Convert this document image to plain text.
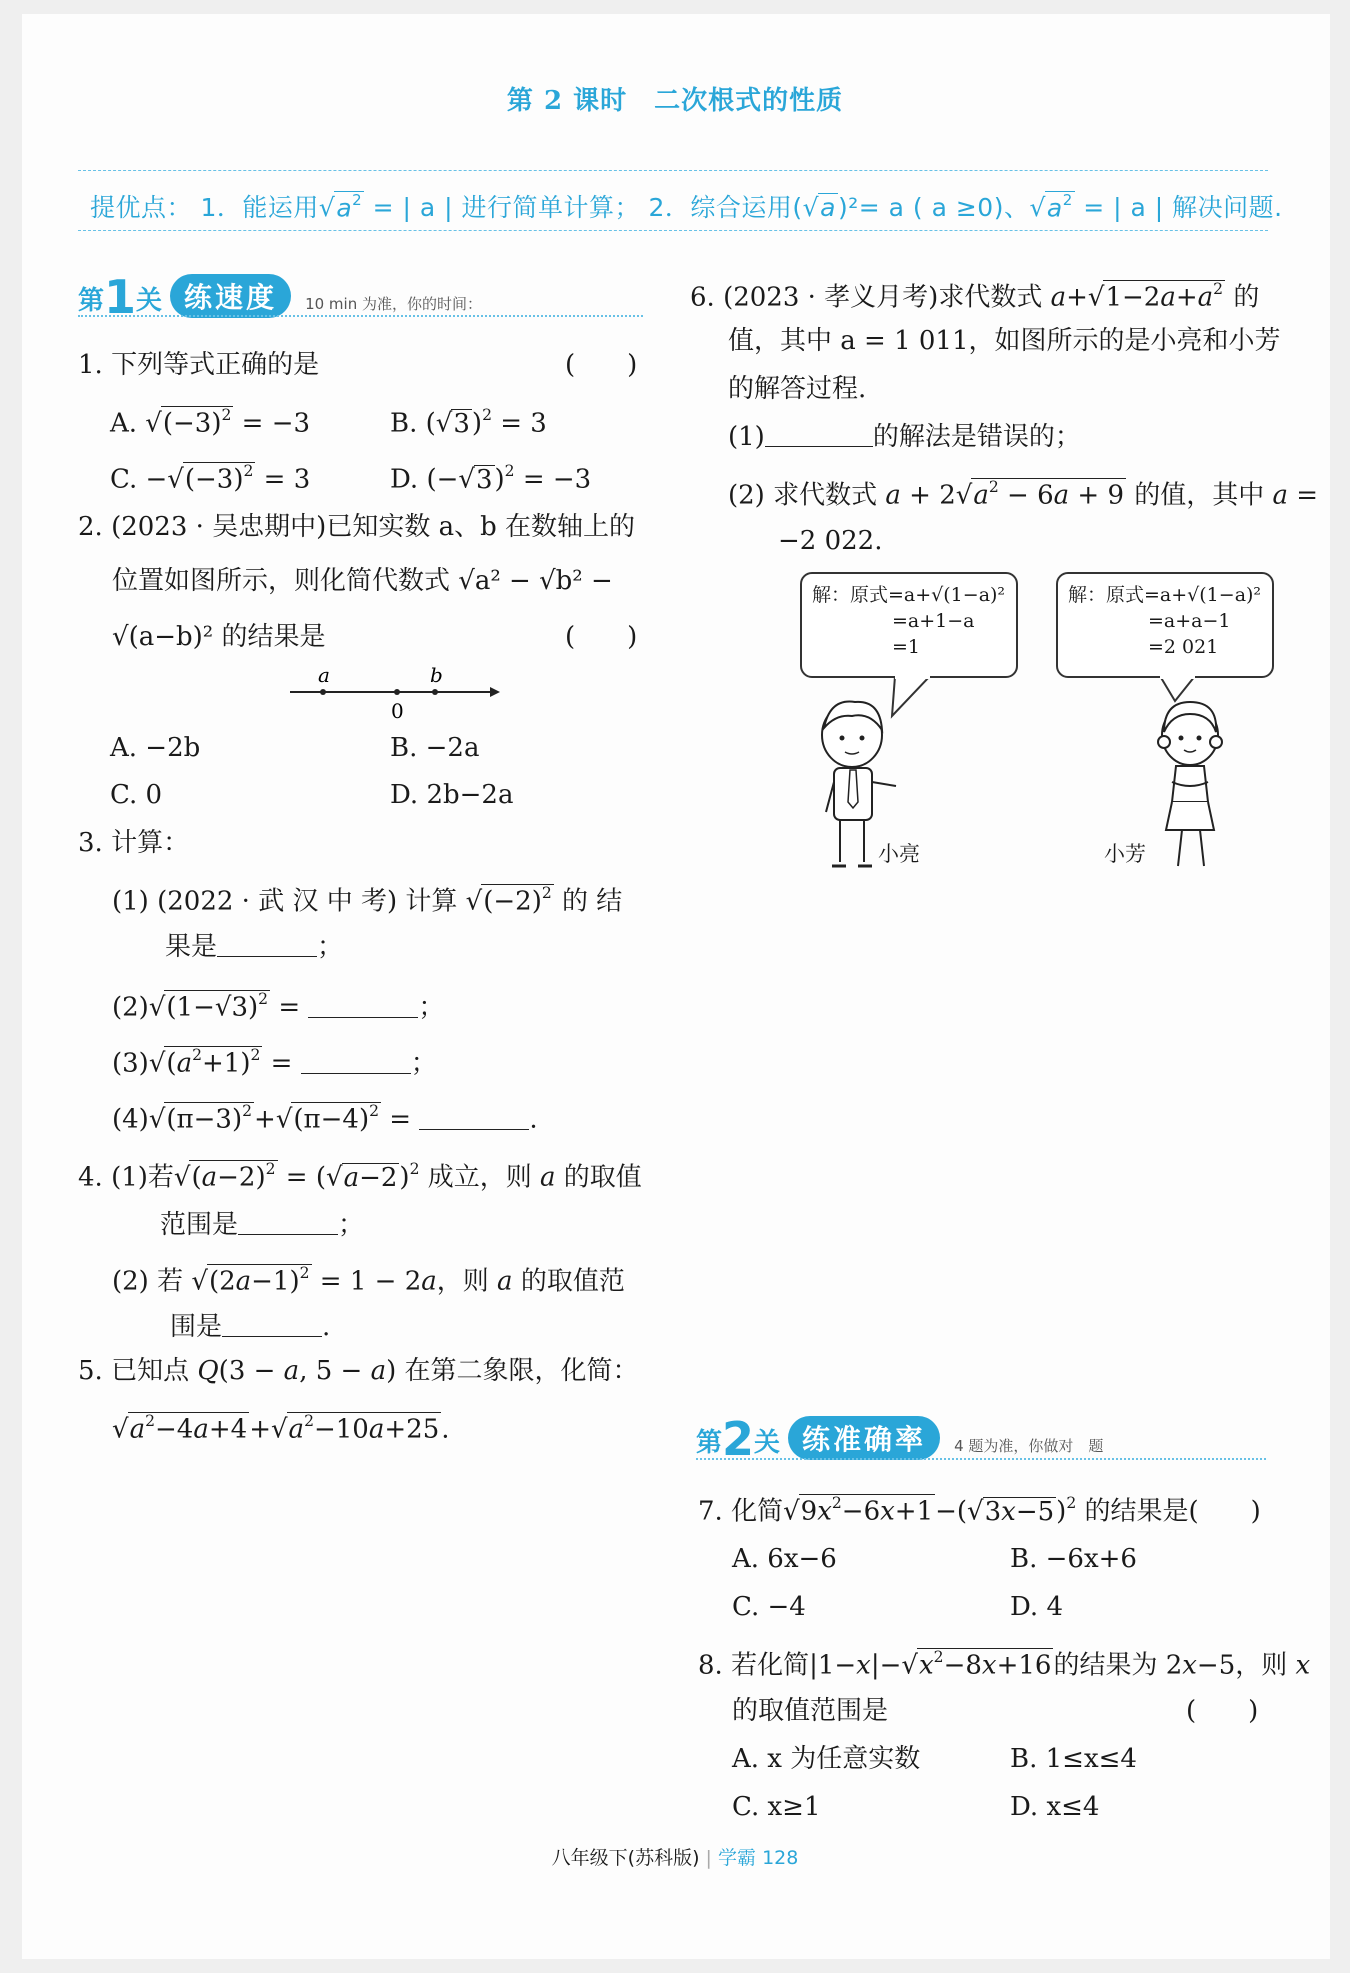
第 2 课时　二次根式的性质
提优点： 1．能运用$√a^2$ = | a | 进行简单计算； 2．综合运用(√a)²= a ( a ≥0)、$√a^2$ = | a | 解决问题.
第1关 练速度 10 min 为准，你的时间：
1. 下列等式正确的是	(　　)
A. $√(-3)^2 = -3$	B. $(√3)^2 = 3$
C. $-√(-3)^2 = 3$	D. $(-√3)^2 = -3$
2. (2023 · 吴忠期中)已知实数 a、b 在数轴上的
位置如图所示，则化简代数式 √a² − √b² −
√(a−b)² 的结果是	(　　)
a	b
0
A. −2b	B. −2a
C. 0	D. 2b−2a
3. 计算：
(1) (2022 · 武 汉 中 考) 计算 $√(-2)^2$ 的 结
果是	；
$(2)√(1-√3)^2$ =	；
$(3)√(a^2+1)^2$ =	；
$(4)√(\pi-3)^2+√(\pi-4)^2$ =	.
4. (1)若$√(a-2)^2 = (√a-2)^2$ 成立，则 a 的取值
范围是	；
(2) 若 $√(2a-1)^2 = 1 - 2a$，则 a 的取值范
围是	.
5. 已知点 Q(3 − a, 5 − a) 在第二象限，化简：
$√a^2-4a+4+√a^2-10a+25$.
6. (2023 · 孝义月考)求代数式 $a+√1-2a+a^2$ 的
值，其中 a = 1 011，如图所示的是小亮和小芳
的解答过程.
(1)	的解法是错误的；
(2) 求代数式 $a + 2√a^2 - 6a + 9$ 的值，其中 a =
−2 022.
解：原式=a+√(1−a)²
=a+1−a
=1
解：原式=a+√(1−a)²
=a+a−1
=2 021
小亮	小芳
第2关 练准确率 4 题为准，你做对　题
7. 化简$√9x^2-6x+1-(√3x-5)^2$ 的结果是(　　)
A. 6x−6	B. −6x+6
C. −4	D. 4
8. 若化简$|1-x|-√x^2-8x+16$的结果为 2x−5，则 x
的取值范围是	(　　)
A. x 为任意实数	B. 1≤x≤4
C. x≥1	D. x≤4
八年级下(苏科版) | 学霸 128
